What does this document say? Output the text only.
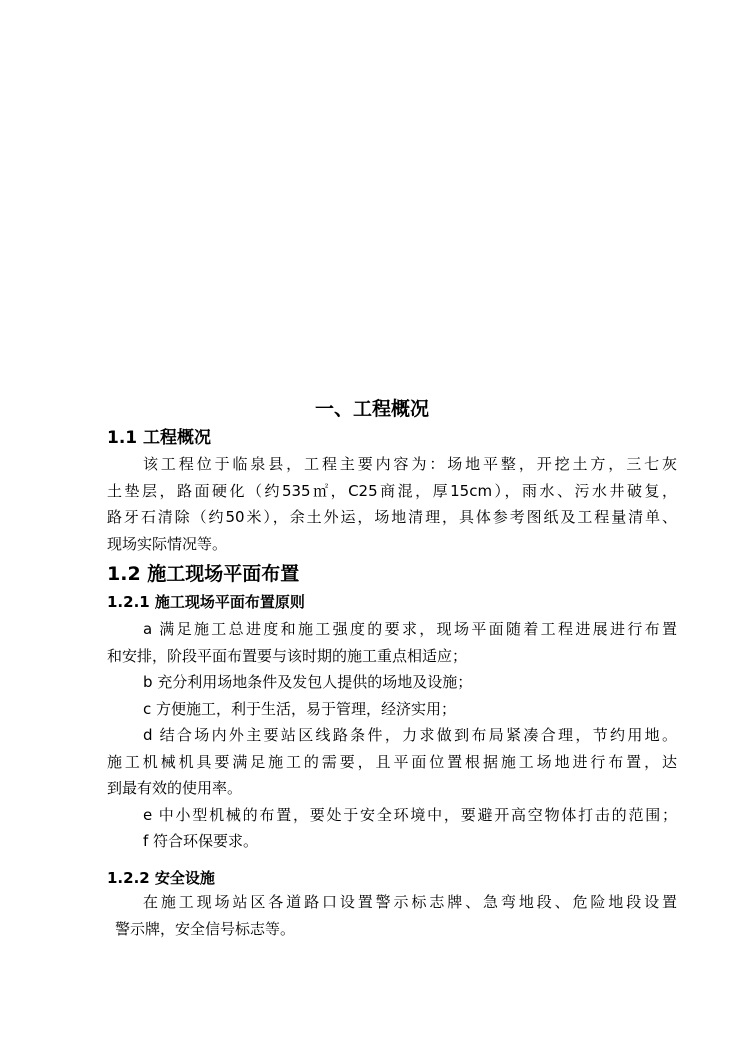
一、工程概况
1.1 工程概况
该工程位于临泉县，工程主要内容为：场地平整，开挖土方，三七灰
土垫层，路面硬化（约535㎡，C25商混，厚15cm），雨水、污水井破复，
路牙石清除（约50米），余土外运，场地清理，具体参考图纸及工程量清单、
现场实际情况等。
1.2 施工现场平面布置
1.2.1 施工现场平面布置原则
a 满足施工总进度和施工强度的要求，现场平面随着工程进展进行布置
和安排，阶段平面布置要与该时期的施工重点相适应；
b 充分利用场地条件及发包人提供的场地及设施；
c 方便施工，利于生活，易于管理，经济实用；
d 结合场内外主要站区线路条件，力求做到布局紧凑合理，节约用地。
施工机械机具要满足施工的需要，且平面位置根据施工场地进行布置，达
到最有效的使用率。
e 中小型机械的布置，要处于安全环境中，要避开高空物体打击的范围；
f 符合环保要求。
1.2.2 安全设施
在施工现场站区各道路口设置警示标志牌、急弯地段、危险地段设置
警示牌，安全信号标志等。
